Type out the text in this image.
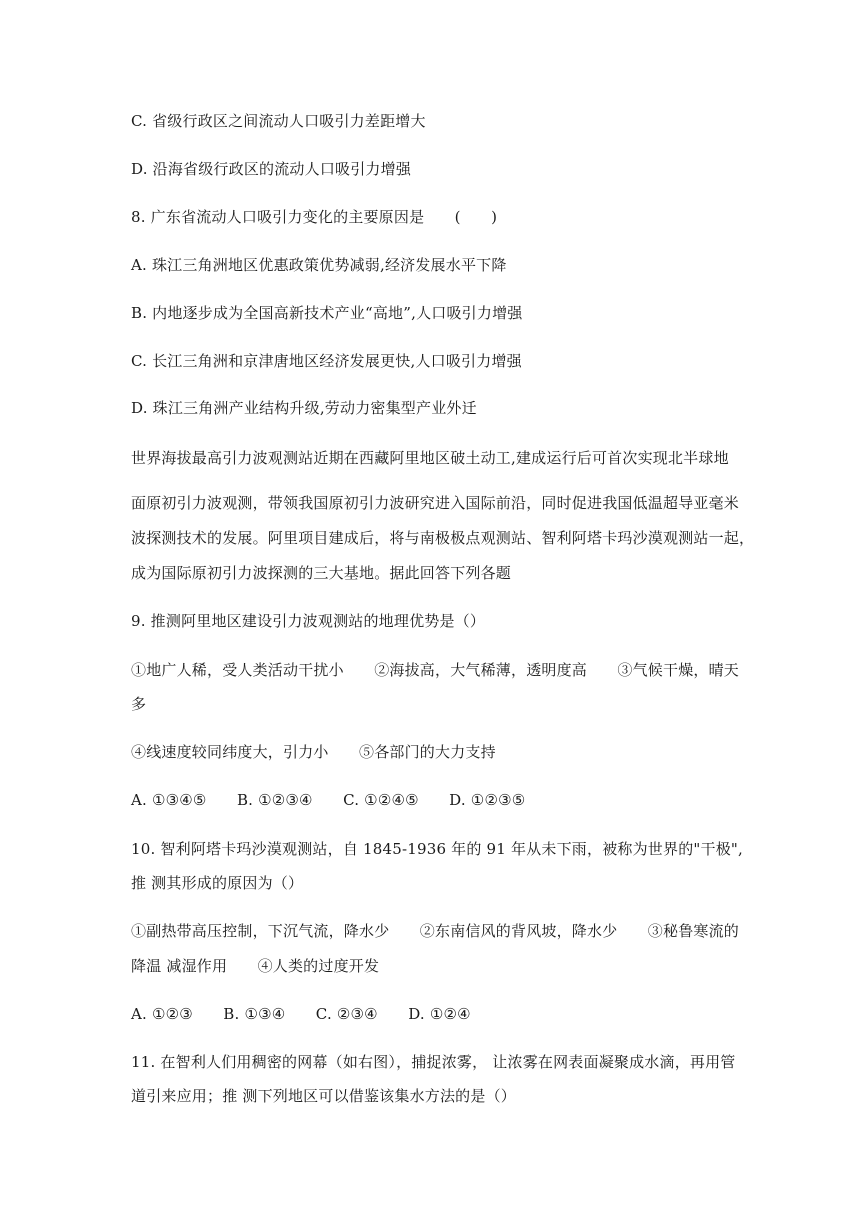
C. 省级行政区之间流动人口吸引力差距增大
D. 沿海省级行政区的流动人口吸引力增强
8. 广东省流动人口吸引力变化的主要原因是　　(　　)
A. 珠江三角洲地区优惠政策优势减弱,经济发展水平下降
B. 内地逐步成为全国高新技术产业“高地”,人口吸引力增强
C. 长江三角洲和京津唐地区经济发展更快,人口吸引力增强
D. 珠江三角洲产业结构升级,劳动力密集型产业外迁
世界海拔最高引力波观测站近期在西藏阿里地区破土动工,建成运行后可首次实现北半球地
面原初引力波观测，带领我国原初引力波研究进入国际前沿，同时促进我国低温超导亚毫米
波探测技术的发展。阿里项目建成后，将与南极极点观测站、智利阿塔卡玛沙漠观测站一起，
成为国际原初引力波探测的三大基地。据此回答下列各题
9. 推测阿里地区建设引力波观测站的地理优势是（）
①地广人稀，受人类活动干扰小　　②海拔高，大气稀薄，透明度高　　③气候干燥，晴天
多
④线速度较同纬度大，引力小　　⑤各部门的大力支持
A. ①③④⑤　　B. ①②③④　　C. ①②④⑤　　D. ①②③⑤
10. 智利阿塔卡玛沙漠观测站，自 1845-1936 年的 91 年从未下雨，被称为世界的"干极",
推 测其形成的原因为（）
①副热带高压控制，下沉气流，降水少　　②东南信风的背风坡，降水少　　③秘鲁寒流的
降温 减湿作用　　④人类的过度开发
A. ①②③　　B. ①③④　　C. ②③④　　D. ①②④
11. 在智利人们用稠密的网幕（如右图），捕捉浓雾， 让浓雾在网表面凝聚成水滴，再用管
道引来应用；推 测下列地区可以借鉴该集水方法的是（）
